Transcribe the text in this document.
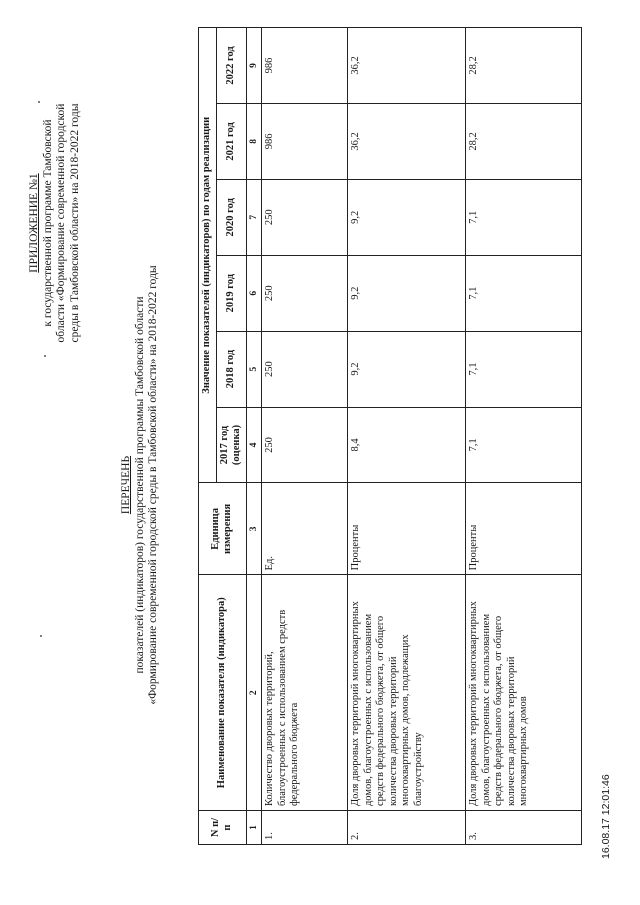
ПРИЛОЖЕНИЕ №1 к государственной программе Тамбовской области «Формирование современной городской среды в Тамбовской области» на 2018-2022 годы
ПЕРЕЧЕНЬ показателей (индикаторов) государственной программы Тамбовской области «Формирование современной городской среды в Тамбовской области» на 2018-2022 годы
N п/п	Наименование показателя (индикатора)	Единица измерения	Значение показателей (индикаторов) по годам реализации					
			2017 год (оценка)	2018 год	2019 год	2020 год	2021 год	2022 год
1	2	3	4	5	6	7	8	9
1.	Количество дворовых территорий, благоустроенных с использованием средств федерального бюджета	Ед.	250	250	250	250	986	986
2.	Доля дворовых территорий многоквартирных домов, благоустроенных с использованием средств федерального бюджета, от общего количества дворовых территорий многоквартирных домов, подлежащих благоустройству	Проценты	8,4	9,2	9,2	9,2	36,2	36,2
3.	Доля дворовых территорий многоквартирных домов, благоустроенных с использованием средств федерального бюджета, от общего количества дворовых территорий многоквартирных домов	Проценты	7,1	7,1	7,1	7,1	28,2	28,2
16.08.17 12:01:46
